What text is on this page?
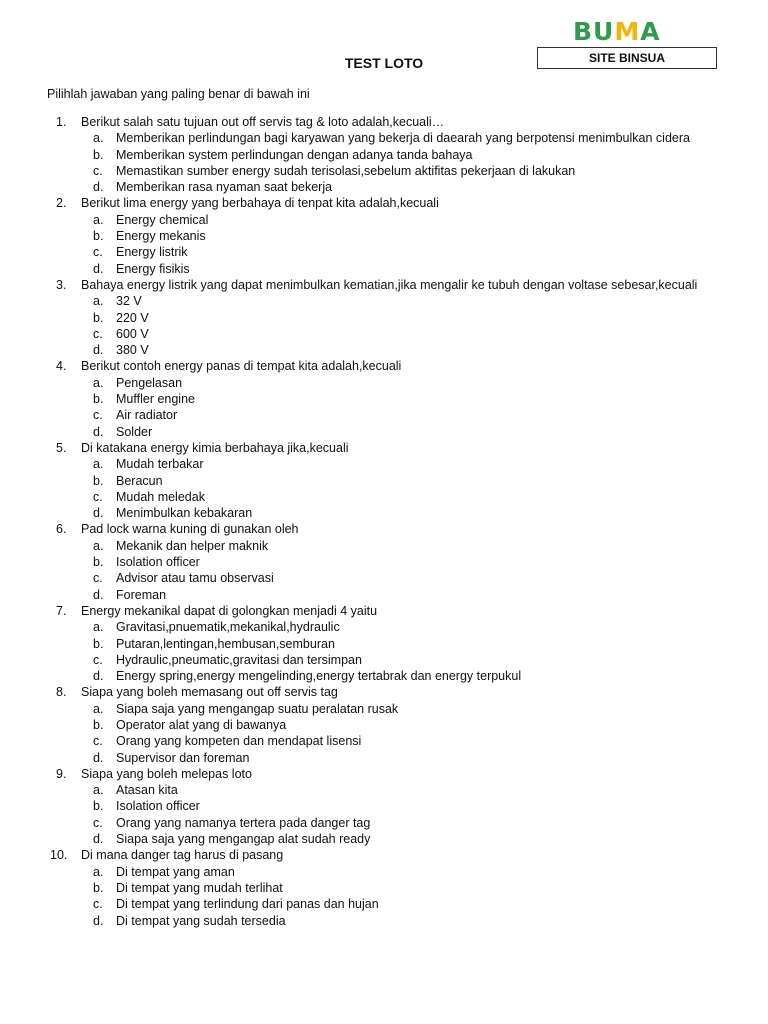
BUMA
SITE BINSUA
TEST LOTO
Pilihlah jawaban yang paling benar di bawah ini
1. Berikut salah satu tujuan out off servis tag & loto adalah,kecuali…
a. Memberikan perlindungan bagi karyawan yang bekerja di daearah yang berpotensi menimbulkan cidera
b. Memberikan system perlindungan dengan adanya tanda bahaya
c. Memastikan sumber energy sudah terisolasi,sebelum aktifitas pekerjaan di lakukan
d. Memberikan rasa nyaman saat bekerja
2. Berikut lima energy yang berbahaya di tenpat kita adalah,kecuali
a. Energy chemical
b. Energy mekanis
c. Energy listrik
d. Energy fisikis
3. Bahaya energy listrik yang dapat menimbulkan kematian,jika mengalir ke tubuh dengan voltase sebesar,kecuali
a. 32 V
b. 220 V
c. 600 V
d. 380 V
4. Berikut contoh energy panas di tempat kita adalah,kecuali
a. Pengelasan
b. Muffler engine
c. Air radiator
d. Solder
5. Di katakana energy kimia berbahaya jika,kecuali
a. Mudah terbakar
b. Beracun
c. Mudah meledak
d. Menimbulkan kebakaran
6. Pad lock warna kuning di gunakan oleh
a. Mekanik dan helper maknik
b. Isolation officer
c. Advisor atau tamu observasi
d. Foreman
7. Energy mekanikal dapat di golongkan menjadi 4 yaitu
a. Gravitasi,pnuematik,mekanikal,hydraulic
b. Putaran,lentingan,hembusan,semburan
c. Hydraulic,pneumatic,gravitasi dan tersimpan
d. Energy spring,energy mengelinding,energy tertabrak dan energy terpukul
8. Siapa yang boleh memasang out off servis tag
a. Siapa saja yang mengangap suatu peralatan rusak
b. Operator alat yang di bawanya
c. Orang yang kompeten dan mendapat lisensi
d. Supervisor dan foreman
9. Siapa yang boleh melepas loto
a. Atasan kita
b. Isolation officer
c. Orang yang namanya tertera pada danger tag
d. Siapa saja yang mengangap alat sudah ready
10. Di mana danger tag harus di pasang
a. Di tempat yang aman
b. Di tempat yang mudah terlihat
c. Di tempat yang terlindung dari panas dan hujan
d. Di tempat yang sudah tersedia
